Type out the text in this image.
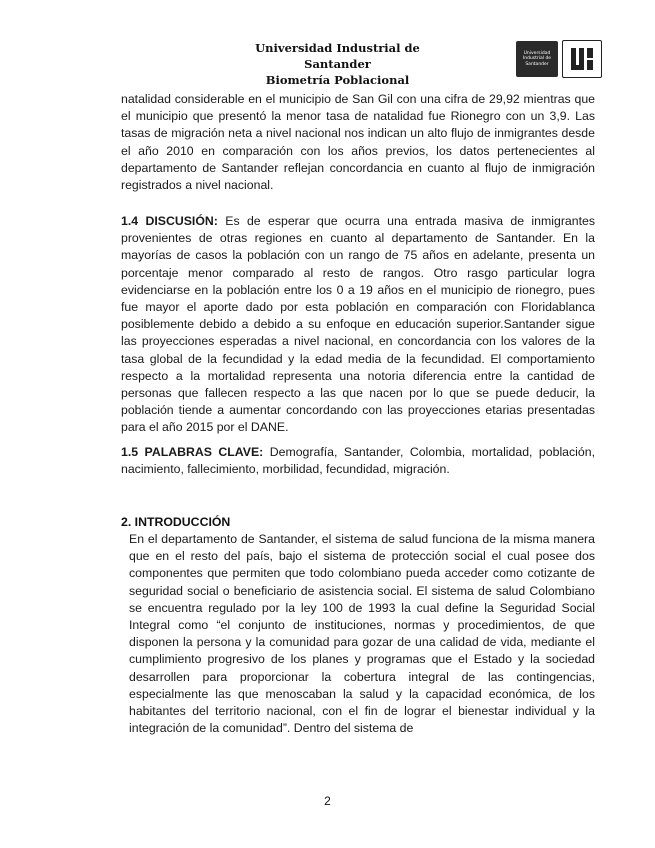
Universidad Industrial de Santander
Biometría Poblacional
Universidad Industrial de Santander

natalidad considerable en el municipio de San Gil con una cifra de 29,92 mientras que el municipio que presentó la menor tasa de natalidad fue Rionegro con un 3,9. Las tasas de migración neta a nivel nacional nos indican un alto flujo de inmigrantes desde el año 2010 en comparación con los años previos, los datos pertenecientes al departamento de Santander reflejan concordancia en cuanto al flujo de inmigración registrados a nivel nacional.

1.4 DISCUSIÓN: Es de esperar que ocurra una entrada masiva de inmigrantes provenientes de otras regiones en cuanto al departamento de Santander. En la mayorías de casos la población con un rango de 75 años en adelante, presenta un porcentaje menor comparado al resto de rangos. Otro rasgo particular logra evidenciarse en la población entre los 0 a 19 años en el municipio de rionegro, pues fue mayor el aporte dado por esta población en comparación con Floridablanca posiblemente debido a debido a su enfoque en educación superior.Santander sigue las proyecciones esperadas a nivel nacional, en concordancia con los valores de la tasa global de la fecundidad y la edad media de la fecundidad. El comportamiento respecto a la mortalidad representa una notoria diferencia entre la cantidad de personas que fallecen respecto a las que nacen por lo que se puede deducir, la población tiende a aumentar concordando con las proyecciones etarias presentadas para el año 2015 por el DANE.

1.5 PALABRAS CLAVE: Demografía, Santander, Colombia, mortalidad, población, nacimiento, fallecimiento, morbilidad, fecundidad, migración.

2. INTRODUCCIÓN

En el departamento de Santander, el sistema de salud funciona de la misma manera que en el resto del país, bajo el sistema de protección social el cual posee dos componentes que permiten que todo colombiano pueda acceder como cotizante de seguridad social o beneficiario de asistencia social. El sistema de salud Colombiano se encuentra regulado por la ley 100 de 1993 la cual define la Seguridad Social Integral como “el conjunto de instituciones, normas y procedimientos, de que disponen la persona y la comunidad para gozar de una calidad de vida, mediante el cumplimiento progresivo de los planes y programas que el Estado y la sociedad desarrollen para proporcionar la cobertura integral de las contingencias, especialmente las que menoscaban la salud y la capacidad económica, de los habitantes del territorio nacional, con el fin de lograr el bienestar individual y la integración de la comunidad”. Dentro del sistema de

2
